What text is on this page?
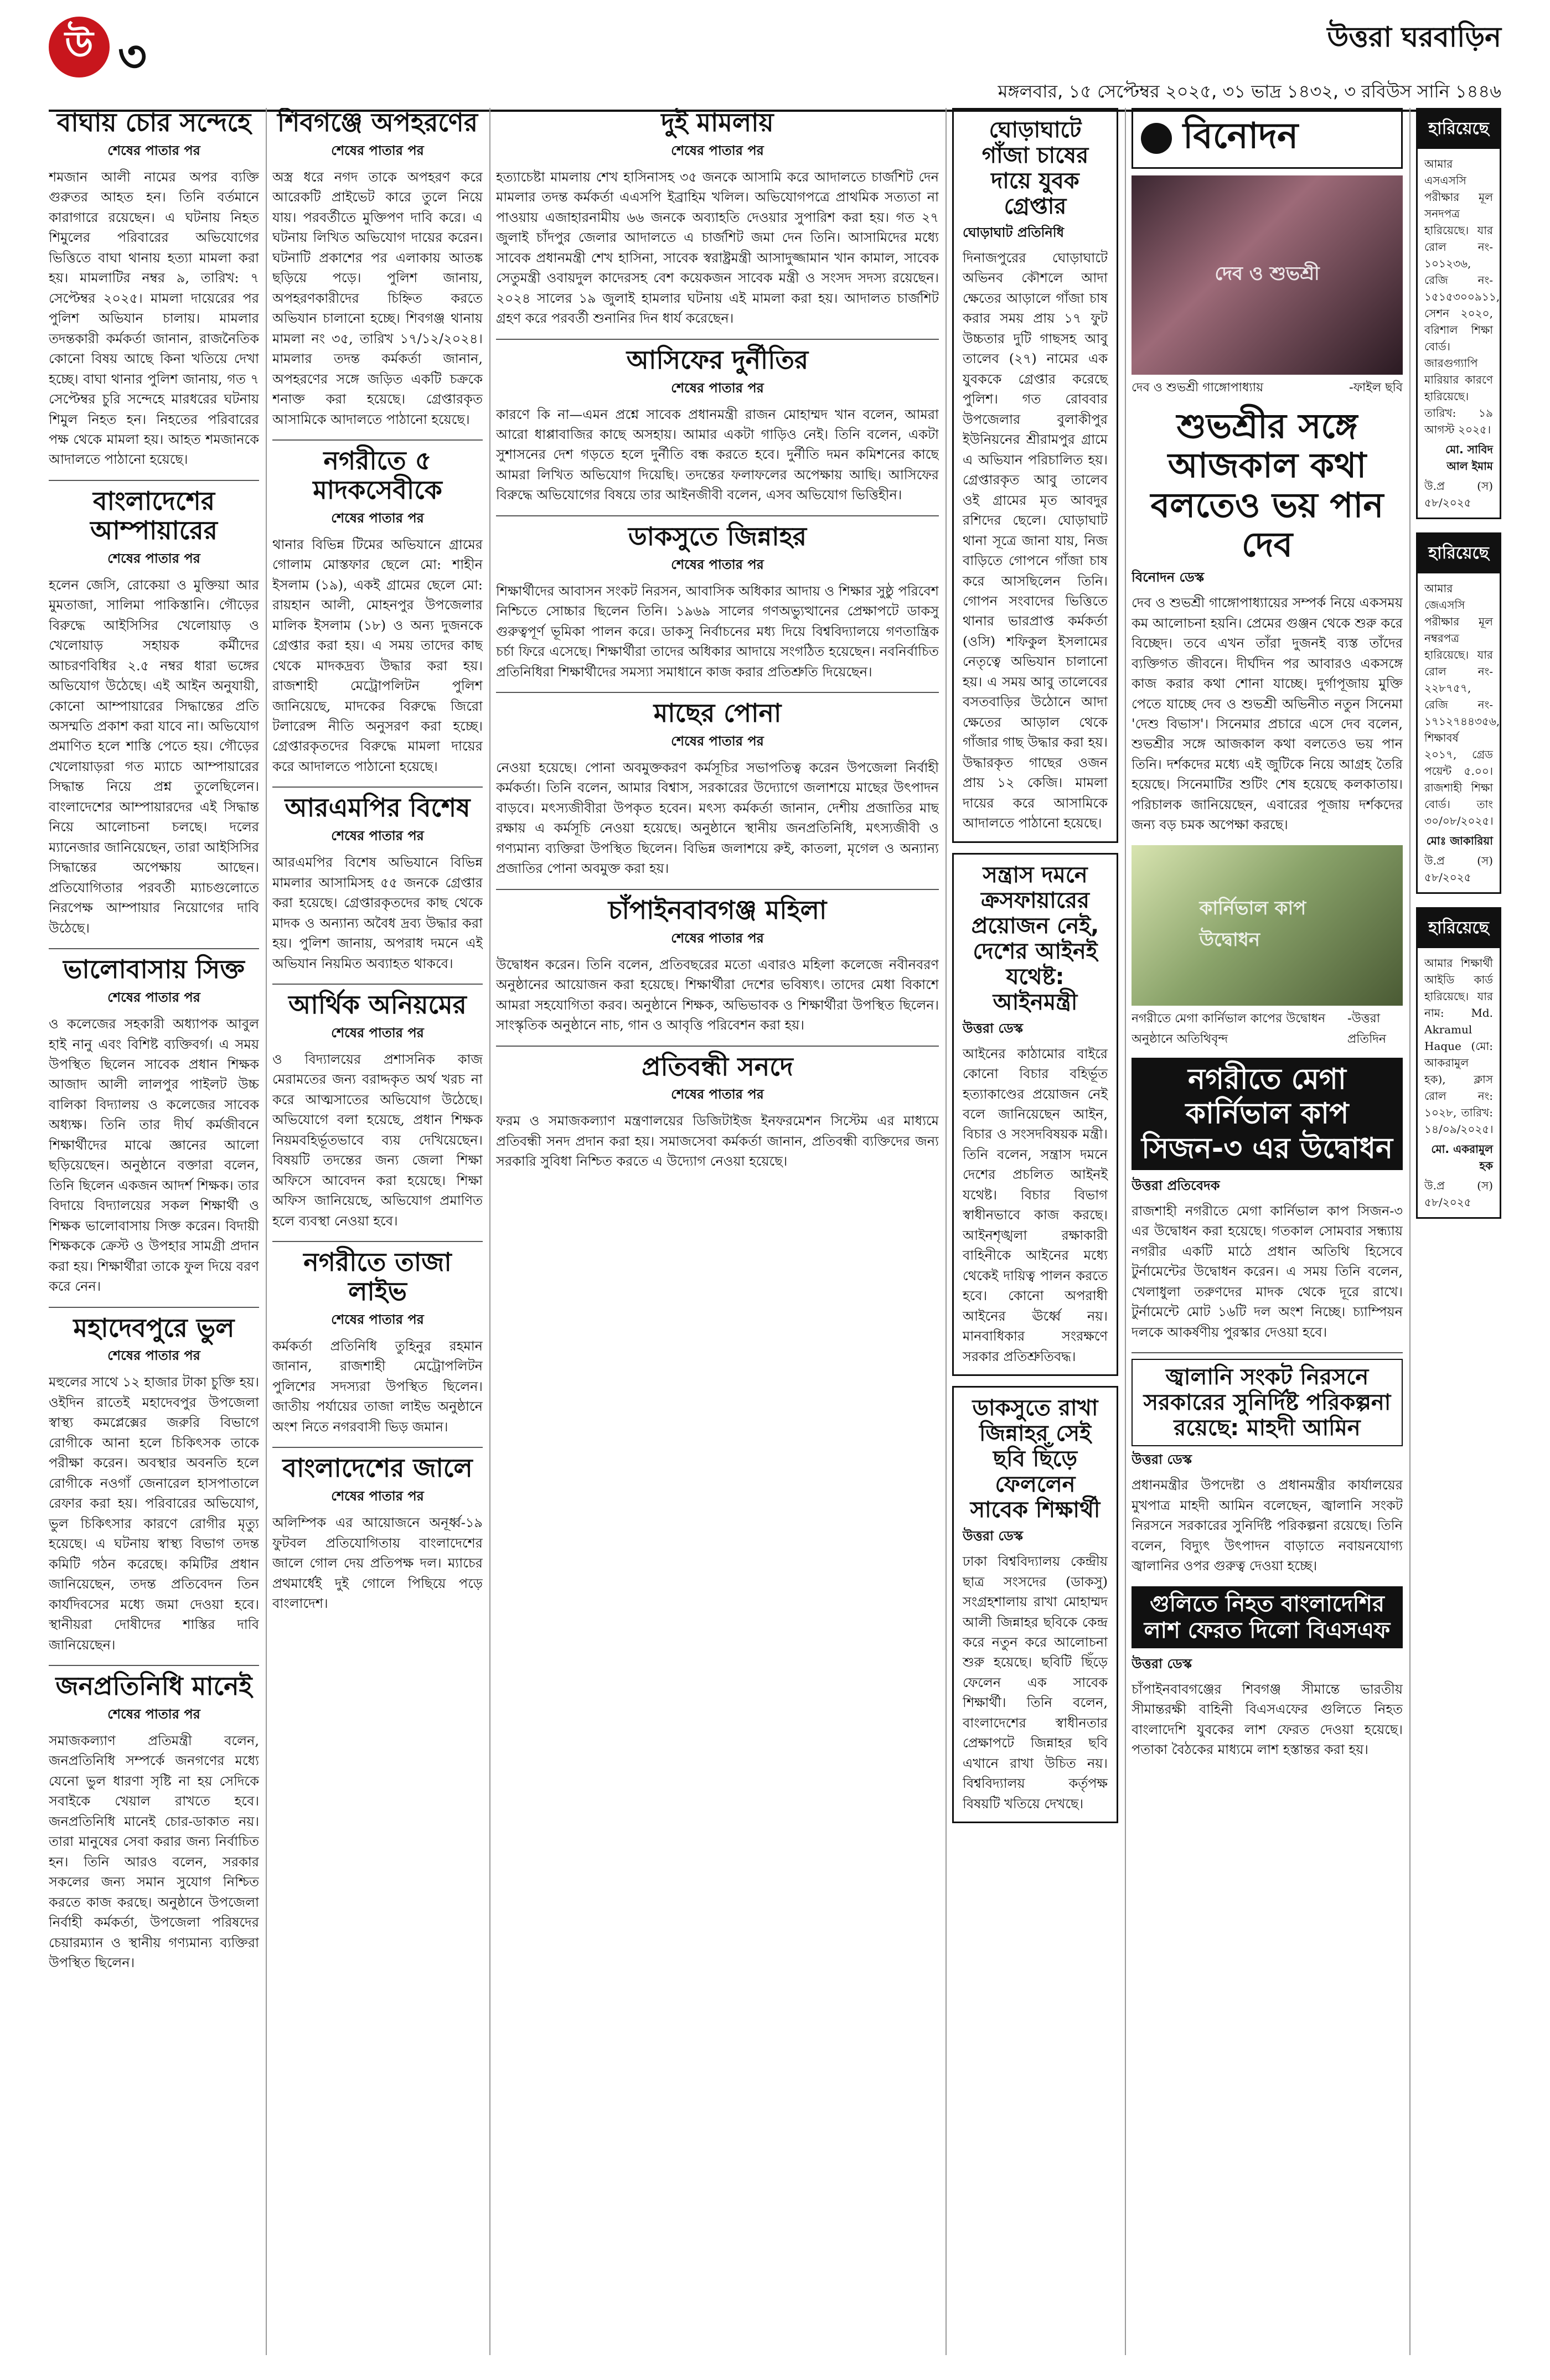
উ ৩	উত্তরা ঘরবাড়িন
মঙ্গলবার, ১৫ সেপ্টেম্বর ২০২৫, ৩১ ভাদ্র ১৪৩২, ৩ রবিউস সানি ১৪৪৬
বাঘায় চোর সন্দেহে
শেষের পাতার পর
শমজান আলী নামের অপর ব্যক্তি গুরুতর আহত হন। তিনি বর্তমানে কারাগারে রয়েছেন। এ ঘটনায় নিহত শিমুলের পরিবারের অভিযোগের ভিত্তিতে বাঘা থানায় হত্যা মামলা করা হয়। মামলাটির নম্বর ৯, তারিখ: ৭ সেপ্টেম্বর ২০২৫। মামলা দায়েরের পর পুলিশ অভিযান চালায়। মামলার তদন্তকারী কর্মকর্তা জানান, রাজনৈতিক কোনো বিষয় আছে কিনা খতিয়ে দেখা হচ্ছে। বাঘা থানার পুলিশ জানায়, গত ৭ সেপ্টেম্বর চুরি সন্দেহে মারধরের ঘটনায় শিমুল নিহত হন। নিহতের পরিবারের পক্ষ থেকে মামলা হয়। আহত শমজানকে আদালতে পাঠানো হয়েছে।
বাংলাদেশের আম্পায়ারের
শেষের পাতার পর
হলেন জেসি, রোকেয়া ও মুক্তিয়া আর মুমতাজা, সালিমা পাকিস্তানি। গৌড়ের বিরুদ্ধে আইসিসির খেলোয়াড় ও খেলোয়াড় সহায়ক কর্মীদের আচরণবিধির ২.৫ নম্বর ধারা ভঙ্গের অভিযোগ উঠেছে। এই আইন অনুযায়ী, কোনো আম্পায়ারের সিদ্ধান্তের প্রতি অসম্মতি প্রকাশ করা যাবে না। অভিযোগ প্রমাণিত হলে শাস্তি পেতে হয়। গৌড়ের খেলোয়াড়রা গত ম্যাচে আম্পায়ারের সিদ্ধান্ত নিয়ে প্রশ্ন তুলেছিলেন। বাংলাদেশের আম্পায়ারদের এই সিদ্ধান্ত নিয়ে আলোচনা চলছে। দলের ম্যানেজার জানিয়েছেন, তারা আইসিসির সিদ্ধান্তের অপেক্ষায় আছেন। প্রতিযোগিতার পরবর্তী ম্যাচগুলোতে নিরপেক্ষ আম্পায়ার নিয়োগের দাবি উঠেছে।
ভালোবাসায় সিক্ত
শেষের পাতার পর
ও কলেজের সহকারী অধ্যাপক আবুল হাই নানু এবং বিশিষ্ট ব্যক্তিবর্গ। এ সময় উপস্থিত ছিলেন সাবেক প্রধান শিক্ষক আজাদ আলী লালপুর পাইলট উচ্চ বালিকা বিদ্যালয় ও কলেজের সাবেক অধ্যক্ষ। তিনি তার দীর্ঘ কর্মজীবনে শিক্ষার্থীদের মাঝে জ্ঞানের আলো ছড়িয়েছেন। অনুষ্ঠানে বক্তারা বলেন, তিনি ছিলেন একজন আদর্শ শিক্ষক। তার বিদায়ে বিদ্যালয়ের সকল শিক্ষার্থী ও শিক্ষক ভালোবাসায় সিক্ত করেন। বিদায়ী শিক্ষককে ক্রেস্ট ও উপহার সামগ্রী প্রদান করা হয়। শিক্ষার্থীরা তাকে ফুল দিয়ে বরণ করে নেন।
মহাদেবপুরে ভুল
শেষের পাতার পর
মহুলের সাথে ১২ হাজার টাকা চুক্তি হয়। ওইদিন রাতেই মহাদেবপুর উপজেলা স্বাস্থ্য কমপ্লেক্সের জরুরি বিভাগে রোগীকে আনা হলে চিকিৎসক তাকে পরীক্ষা করেন। অবস্থার অবনতি হলে রোগীকে নওগাঁ জেনারেল হাসপাতালে রেফার করা হয়। পরিবারের অভিযোগ, ভুল চিকিৎসার কারণে রোগীর মৃত্যু হয়েছে। এ ঘটনায় স্বাস্থ্য বিভাগ তদন্ত কমিটি গঠন করেছে। কমিটির প্রধান জানিয়েছেন, তদন্ত প্রতিবেদন তিন কার্যদিবসের মধ্যে জমা দেওয়া হবে। স্থানীয়রা দোষীদের শাস্তির দাবি জানিয়েছেন।
জনপ্রতিনিধি মানেই
শেষের পাতার পর
সমাজকল্যাণ প্রতিমন্ত্রী বলেন, জনপ্রতিনিধি সম্পর্কে জনগণের মধ্যে যেনো ভুল ধারণা সৃষ্টি না হয় সেদিকে সবাইকে খেয়াল রাখতে হবে। জনপ্রতিনিধি মানেই চোর-ডাকাত নয়। তারা মানুষের সেবা করার জন্য নির্বাচিত হন। তিনি আরও বলেন, সরকার সকলের জন্য সমান সুযোগ নিশ্চিত করতে কাজ করছে। অনুষ্ঠানে উপজেলা নির্বাহী কর্মকর্তা, উপজেলা পরিষদের চেয়ারম্যান ও স্থানীয় গণ্যমান্য ব্যক্তিরা উপস্থিত ছিলেন।
শিবগঞ্জে অপহরণের
শেষের পাতার পর
অস্ত্র ধরে নগদ তাকে অপহরণ করে আরেকটি প্রাইভেট কারে তুলে নিয়ে যায়। পরবর্তীতে মুক্তিপণ দাবি করে। এ ঘটনায় লিখিত অভিযোগ দায়ের করেন। ঘটনাটি প্রকাশের পর এলাকায় আতঙ্ক ছড়িয়ে পড়ে। পুলিশ জানায়, অপহরণকারীদের চিহ্নিত করতে অভিযান চালানো হচ্ছে। শিবগঞ্জ থানায় মামলা নং ৩৫, তারিখ ১৭/১২/২০২৪। মামলার তদন্ত কর্মকর্তা জানান, অপহরণের সঙ্গে জড়িত একটি চক্রকে শনাক্ত করা হয়েছে। গ্রেপ্তারকৃত আসামিকে আদালতে পাঠানো হয়েছে।
নগরীতে ৫ মাদকসেবীকে
শেষের পাতার পর
থানার বিভিন্ন টিমের অভিযানে গ্রামের গোলাম মোস্তফার ছেলে মো: শাহীন ইসলাম (১৯), একই গ্রামের ছেলে মো: রায়হান আলী, মোহনপুর উপজেলার মালিক ইসলাম (১৮) ও অন্য দুজনকে গ্রেপ্তার করা হয়। এ সময় তাদের কাছ থেকে মাদকদ্রব্য উদ্ধার করা হয়। রাজশাহী মেট্রোপলিটন পুলিশ জানিয়েছে, মাদকের বিরুদ্ধে জিরো টলারেন্স নীতি অনুসরণ করা হচ্ছে। গ্রেপ্তারকৃতদের বিরুদ্ধে মামলা দায়ের করে আদালতে পাঠানো হয়েছে।
আরএমপির বিশেষ
শেষের পাতার পর
আরএমপির বিশেষ অভিযানে বিভিন্ন মামলার আসামিসহ ৫৫ জনকে গ্রেপ্তার করা হয়েছে। গ্রেপ্তারকৃতদের কাছ থেকে মাদক ও অন্যান্য অবৈধ দ্রব্য উদ্ধার করা হয়। পুলিশ জানায়, অপরাধ দমনে এই অভিযান নিয়মিত অব্যাহত থাকবে।
আর্থিক অনিয়মের
শেষের পাতার পর
ও বিদ্যালয়ের প্রশাসনিক কাজ মেরামতের জন্য বরাদ্দকৃত অর্থ খরচ না করে আত্মসাতের অভিযোগ উঠেছে। অভিযোগে বলা হয়েছে, প্রধান শিক্ষক নিয়মবহির্ভূতভাবে ব্যয় দেখিয়েছেন। বিষয়টি তদন্তের জন্য জেলা শিক্ষা অফিসে আবেদন করা হয়েছে। শিক্ষা অফিস জানিয়েছে, অভিযোগ প্রমাণিত হলে ব্যবস্থা নেওয়া হবে।
নগরীতে তাজা লাইভ
শেষের পাতার পর
কর্মকর্তা প্রতিনিধি তুহিনুর রহমান জানান, রাজশাহী মেট্রোপলিটন পুলিশের সদস্যরা উপস্থিত ছিলেন। জাতীয় পর্যায়ের তাজা লাইভ অনুষ্ঠানে অংশ নিতে নগরবাসী ভিড় জমান।
বাংলাদেশের জালে
শেষের পাতার পর
অলিম্পিক এর আয়োজনে অনূর্ধ্ব-১৯ ফুটবল প্রতিযোগিতায় বাংলাদেশের জালে গোল দেয় প্রতিপক্ষ দল। ম্যাচের প্রথমার্ধেই দুই গোলে পিছিয়ে পড়ে বাংলাদেশ।
দুই মামলায়
শেষের পাতার পর
হত্যাচেষ্টা মামলায় শেখ হাসিনাসহ ৩৫ জনকে আসামি করে আদালতে চার্জশিট দেন মামলার তদন্ত কর্মকর্তা এএসপি ইব্রাহিম খলিল। অভিযোগপত্রে প্রাথমিক সত্যতা না পাওয়ায় এজাহারনামীয় ৬৬ জনকে অব্যাহতি দেওয়ার সুপারিশ করা হয়। গত ২৭ জুলাই চাঁদপুর জেলার আদালতে এ চার্জশিট জমা দেন তিনি। আসামিদের মধ্যে সাবেক প্রধানমন্ত্রী শেখ হাসিনা, সাবেক স্বরাষ্ট্রমন্ত্রী আসাদুজ্জামান খান কামাল, সাবেক সেতুমন্ত্রী ওবায়দুল কাদেরসহ বেশ কয়েকজন সাবেক মন্ত্রী ও সংসদ সদস্য রয়েছেন। ২০২৪ সালের ১৯ জুলাই হামলার ঘটনায় এই মামলা করা হয়। আদালত চার্জশিট গ্রহণ করে পরবর্তী শুনানির দিন ধার্য করেছেন।
আসিফের দুর্নীতির
শেষের পাতার পর
কারণে কি না—এমন প্রশ্নে সাবেক প্রধানমন্ত্রী রাজন মোহাম্মদ খান বলেন, আমরা আরো ধাপ্পাবাজির কাছে অসহায়। আমার একটা গাড়িও নেই। তিনি বলেন, একটা সুশাসনের দেশ গড়তে হলে দুর্নীতি বন্ধ করতে হবে। দুর্নীতি দমন কমিশনের কাছে আমরা লিখিত অভিযোগ দিয়েছি। তদন্তের ফলাফলের অপেক্ষায় আছি। আসিফের বিরুদ্ধে অভিযোগের বিষয়ে তার আইনজীবী বলেন, এসব অভিযোগ ভিত্তিহীন।
ডাকসুতে জিন্নাহর
শেষের পাতার পর
শিক্ষার্থীদের আবাসন সংকট নিরসন, আবাসিক অধিকার আদায় ও শিক্ষার সুষ্ঠু পরিবেশ নিশ্চিতে সোচ্চার ছিলেন তিনি। ১৯৬৯ সালের গণঅভ্যুত্থানের প্রেক্ষাপটে ডাকসু গুরুত্বপূর্ণ ভূমিকা পালন করে। ডাকসু নির্বাচনের মধ্য দিয়ে বিশ্ববিদ্যালয়ে গণতান্ত্রিক চর্চা ফিরে এসেছে। শিক্ষার্থীরা তাদের অধিকার আদায়ে সংগঠিত হয়েছেন। নবনির্বাচিত প্রতিনিধিরা শিক্ষার্থীদের সমস্যা সমাধানে কাজ করার প্রতিশ্রুতি দিয়েছেন।
মাছের পোনা
শেষের পাতার পর
নেওয়া হয়েছে। পোনা অবমুক্তকরণ কর্মসূচির সভাপতিত্ব করেন উপজেলা নির্বাহী কর্মকর্তা। তিনি বলেন, আমার বিশ্বাস, সরকারের উদ্যোগে জলাশয়ে মাছের উৎপাদন বাড়বে। মৎস্যজীবীরা উপকৃত হবেন। মৎস্য কর্মকর্তা জানান, দেশীয় প্রজাতির মাছ রক্ষায় এ কর্মসূচি নেওয়া হয়েছে। অনুষ্ঠানে স্থানীয় জনপ্রতিনিধি, মৎস্যজীবী ও গণ্যমান্য ব্যক্তিরা উপস্থিত ছিলেন। বিভিন্ন জলাশয়ে রুই, কাতলা, মৃগেল ও অন্যান্য প্রজাতির পোনা অবমুক্ত করা হয়।
চাঁপাইনবাবগঞ্জ মহিলা
শেষের পাতার পর
উদ্বোধন করেন। তিনি বলেন, প্রতিবছরের মতো এবারও মহিলা কলেজে নবীনবরণ অনুষ্ঠানের আয়োজন করা হয়েছে। শিক্ষার্থীরা দেশের ভবিষ্যৎ। তাদের মেধা বিকাশে আমরা সহযোগিতা করব। অনুষ্ঠানে শিক্ষক, অভিভাবক ও শিক্ষার্থীরা উপস্থিত ছিলেন। সাংস্কৃতিক অনুষ্ঠানে নাচ, গান ও আবৃত্তি পরিবেশন করা হয়।
প্রতিবন্ধী সনদে
শেষের পাতার পর
ফরম ও সমাজকল্যাণ মন্ত্রণালয়ের ডিজিটাইজ ইনফরমেশন সিস্টেম এর মাধ্যমে প্রতিবন্ধী সনদ প্রদান করা হয়। সমাজসেবা কর্মকর্তা জানান, প্রতিবন্ধী ব্যক্তিদের জন্য সরকারি সুবিধা নিশ্চিত করতে এ উদ্যোগ নেওয়া হয়েছে।
ঘোড়াঘাটে গাঁজা চাষের দায়ে যুবক গ্রেপ্তার
ঘোড়াঘাট প্রতিনিধি
দিনাজপুরের ঘোড়াঘাটে অভিনব কৌশলে আদা ক্ষেতের আড়ালে গাঁজা চাষ করার সময় প্রায় ১৭ ফুট উচ্চতার দুটি গাছসহ আবু তালেব (২৭) নামের এক যুবককে গ্রেপ্তার করেছে পুলিশ। গত রোববার উপজেলার বুলাকীপুর ইউনিয়নের শ্রীরামপুর গ্রামে এ অভিযান পরিচালিত হয়। গ্রেপ্তারকৃত আবু তালেব ওই গ্রামের মৃত আবদুর রশিদের ছেলে। ঘোড়াঘাট থানা সূত্রে জানা যায়, নিজ বাড়িতে গোপনে গাঁজা চাষ করে আসছিলেন তিনি। গোপন সংবাদের ভিত্তিতে থানার ভারপ্রাপ্ত কর্মকর্তা (ওসি) শফিকুল ইসলামের নেতৃত্বে অভিযান চালানো হয়। এ সময় আবু তালেবের বসতবাড়ির উঠোনে আদা ক্ষেতের আড়াল থেকে গাঁজার গাছ উদ্ধার করা হয়। উদ্ধারকৃত গাছের ওজন প্রায় ১২ কেজি। মামলা দায়ের করে আসামিকে আদালতে পাঠানো হয়েছে।
সন্ত্রাস দমনে ক্রসফায়ারের প্রয়োজন নেই, দেশের আইনই যথেষ্ট: আইনমন্ত্রী
উত্তরা ডেস্ক
আইনের কাঠামোর বাইরে কোনো বিচার বহির্ভূত হত্যাকাণ্ডের প্রয়োজন নেই বলে জানিয়েছেন আইন, বিচার ও সংসদবিষয়ক মন্ত্রী। তিনি বলেন, সন্ত্রাস দমনে দেশের প্রচলিত আইনই যথেষ্ট। বিচার বিভাগ স্বাধীনভাবে কাজ করছে। আইনশৃঙ্খলা রক্ষাকারী বাহিনীকে আইনের মধ্যে থেকেই দায়িত্ব পালন করতে হবে। কোনো অপরাধী আইনের ঊর্ধ্বে নয়। মানবাধিকার সংরক্ষণে সরকার প্রতিশ্রুতিবদ্ধ।
ডাকসুতে রাখা জিন্নাহর সেই ছবি ছিঁড়ে ফেললেন সাবেক শিক্ষার্থী
উত্তরা ডেস্ক
ঢাকা বিশ্ববিদ্যালয় কেন্দ্রীয় ছাত্র সংসদের (ডাকসু) সংগ্রহশালায় রাখা মোহাম্মদ আলী জিন্নাহর ছবিকে কেন্দ্র করে নতুন করে আলোচনা শুরু হয়েছে। ছবিটি ছিঁড়ে ফেলেন এক সাবেক শিক্ষার্থী। তিনি বলেন, বাংলাদেশের স্বাধীনতার প্রেক্ষাপটে জিন্নাহর ছবি এখানে রাখা উচিত নয়। বিশ্ববিদ্যালয় কর্তৃপক্ষ বিষয়টি খতিয়ে দেখছে।
বিনোদন
দেব ও শুভশ্রী
দেব ও শুভশ্রী গাঙ্গোপাধ্যায়	-ফাইল ছবি
শুভশ্রীর সঙ্গে আজকাল কথা বলতেও ভয় পান দেব
বিনোদন ডেস্ক
দেব ও শুভশ্রী গাঙ্গোপাধ্যায়ের সম্পর্ক নিয়ে একসময় কম আলোচনা হয়নি। প্রেমের গুঞ্জন থেকে শুরু করে বিচ্ছেদ। তবে এখন তাঁরা দুজনই ব্যস্ত তাঁদের ব্যক্তিগত জীবনে। দীর্ঘদিন পর আবারও একসঙ্গে কাজ করার কথা শোনা যাচ্ছে। দুর্গাপূজায় মুক্তি পেতে যাচ্ছে দেব ও শুভশ্রী অভিনীত নতুন সিনেমা 'দেশু বিভাস'। সিনেমার প্রচারে এসে দেব বলেন, শুভশ্রীর সঙ্গে আজকাল কথা বলতেও ভয় পান তিনি। দর্শকদের মধ্যে এই জুটিকে নিয়ে আগ্রহ তৈরি হয়েছে। সিনেমাটির শুটিং শেষ হয়েছে কলকাতায়। পরিচালক জানিয়েছেন, এবারের পূজায় দর্শকদের জন্য বড় চমক অপেক্ষা করছে।
কার্নিভাল কাপ উদ্বোধন
নগরীতে মেগা কার্নিভাল কাপের উদ্বোধন অনুষ্ঠানে অতিথিবৃন্দ
-উত্তরা প্রতিদিন
নগরীতে মেগা কার্নিভাল কাপ সিজন-৩ এর উদ্বোধন
উত্তরা প্রতিবেদক
রাজশাহী নগরীতে মেগা কার্নিভাল কাপ সিজন-৩ এর উদ্বোধন করা হয়েছে। গতকাল সোমবার সন্ধ্যায় নগরীর একটি মাঠে প্রধান অতিথি হিসেবে টুর্নামেন্টের উদ্বোধন করেন। এ সময় তিনি বলেন, খেলাধুলা তরুণদের মাদক থেকে দূরে রাখে। টুর্নামেন্টে মোট ১৬টি দল অংশ নিচ্ছে। চ্যাম্পিয়ন দলকে আকর্ষণীয় পুরস্কার দেওয়া হবে।
জ্বালানি সংকট নিরসনে সরকারের সুনির্দিষ্ট পরিকল্পনা রয়েছে: মাহদী আমিন
উত্তরা ডেস্ক
প্রধানমন্ত্রীর উপদেষ্টা ও প্রধানমন্ত্রীর কার্যালয়ের মুখপাত্র মাহদী আমিন বলেছেন, জ্বালানি সংকট নিরসনে সরকারের সুনির্দিষ্ট পরিকল্পনা রয়েছে। তিনি বলেন, বিদ্যুৎ উৎপাদন বাড়াতে নবায়নযোগ্য জ্বালানির ওপর গুরুত্ব দেওয়া হচ্ছে।
গুলিতে নিহত বাংলাদেশির লাশ ফেরত দিলো বিএসএফ
উত্তরা ডেস্ক
চাঁপাইনবাবগঞ্জের শিবগঞ্জ সীমান্তে ভারতীয় সীমান্তরক্ষী বাহিনী বিএসএফের গুলিতে নিহত বাংলাদেশি যুবকের লাশ ফেরত দেওয়া হয়েছে। পতাকা বৈঠকের মাধ্যমে লাশ হস্তান্তর করা হয়।
হারিয়েছে
আমার এসএসসি পরীক্ষার মূল সনদপত্র হারিয়েছে। যার রোল নং- ১০১২৩৬, রেজি নং- ১৫১৫৩০০৯১১, সেশন ২০২০, বরিশাল শিক্ষা বোর্ড। জারগুগ্যাপি মারিয়ার কারণে হারিয়েছে। তারিখ: ১৯ আগস্ট ২০২৫।
মো. সাবিদ আল ইমাম
উ.প্র (স) ৫৮/২০২৫
হারিয়েছে
আমার জেএসসি পরীক্ষার মূল নম্বরপত্র হারিয়েছে। যার রোল নং- ২২৮৭৫৭, রেজি নং- ১৭১২৭৪৪৩৫৬, শিক্ষাবর্ষ ২০১৭, গ্রেড পয়েন্ট ৫.০০। রাজশাহী শিক্ষা বোর্ড। তাং ৩০/০৮/২০২৫।
মোঃ জাকারিয়া
উ.প্র (স) ৫৮/২০২৫
হারিয়েছে
আমার শিক্ষার্থী আইডি কার্ড হারিয়েছে। যার নাম: Md. Akramul Haque (মো: আকরামুল হক), ক্লাস রোল নং: ১০২৮, তারিখ: ১৪/০৯/২০২৫।
মো. একরামুল হক
উ.প্র (স) ৫৮/২০২৫
